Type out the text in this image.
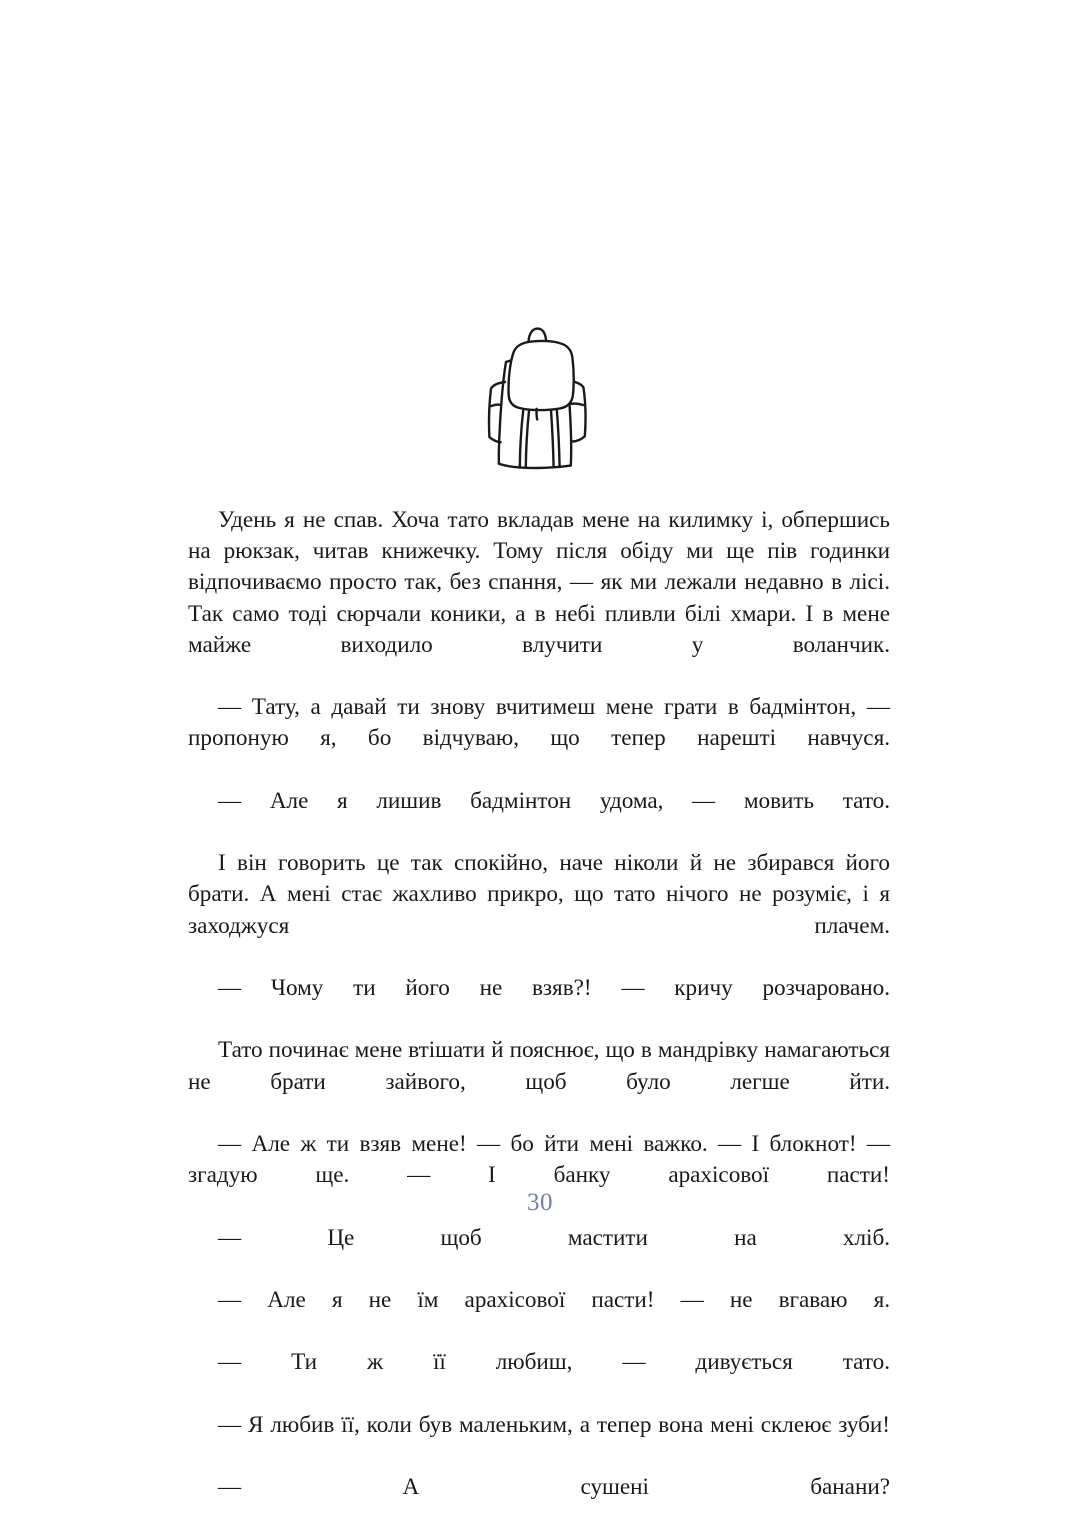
Удень я не спав. Хоча тато вкладав мене на килимку і, обпершись на рюкзак, читав книжечку. Тому після обіду ми ще пів годинки відпочиваємо просто так, без спання, — як ми лежали недавно в лісі. Так само тоді сюрчали коники, а в небі пливли білі хмари. І в мене майже виходило влучити у воланчик.

— Тату, а давай ти знову вчитимеш мене грати в бадмінтон, — пропоную я, бо відчуваю, що тепер нарешті навчуся.

— Але я лишив бадмінтон удома, — мовить тато.

І він говорить це так спокійно, наче ніколи й не збирався його брати. А мені стає жахливо прикро, що тато нічого не розуміє, і я заходжуся плачем.

— Чому ти його не взяв?! — кричу розчаровано.

Тато починає мене втішати й пояснює, що в мандрівку намагаються не брати зайвого, щоб було легше йти.

— Але ж ти взяв мене! — бо йти мені важко. — І блокнот! — згадую ще. — І банку арахісової пасти!

— Це щоб мастити на хліб.

— Але я не їм арахісової пасти! — не вгаваю я.

— Ти ж її любиш, — дивується тато.

— Я любив її, коли був маленьким, а тепер вона мені склеює зуби!

— А сушені банани?

30
